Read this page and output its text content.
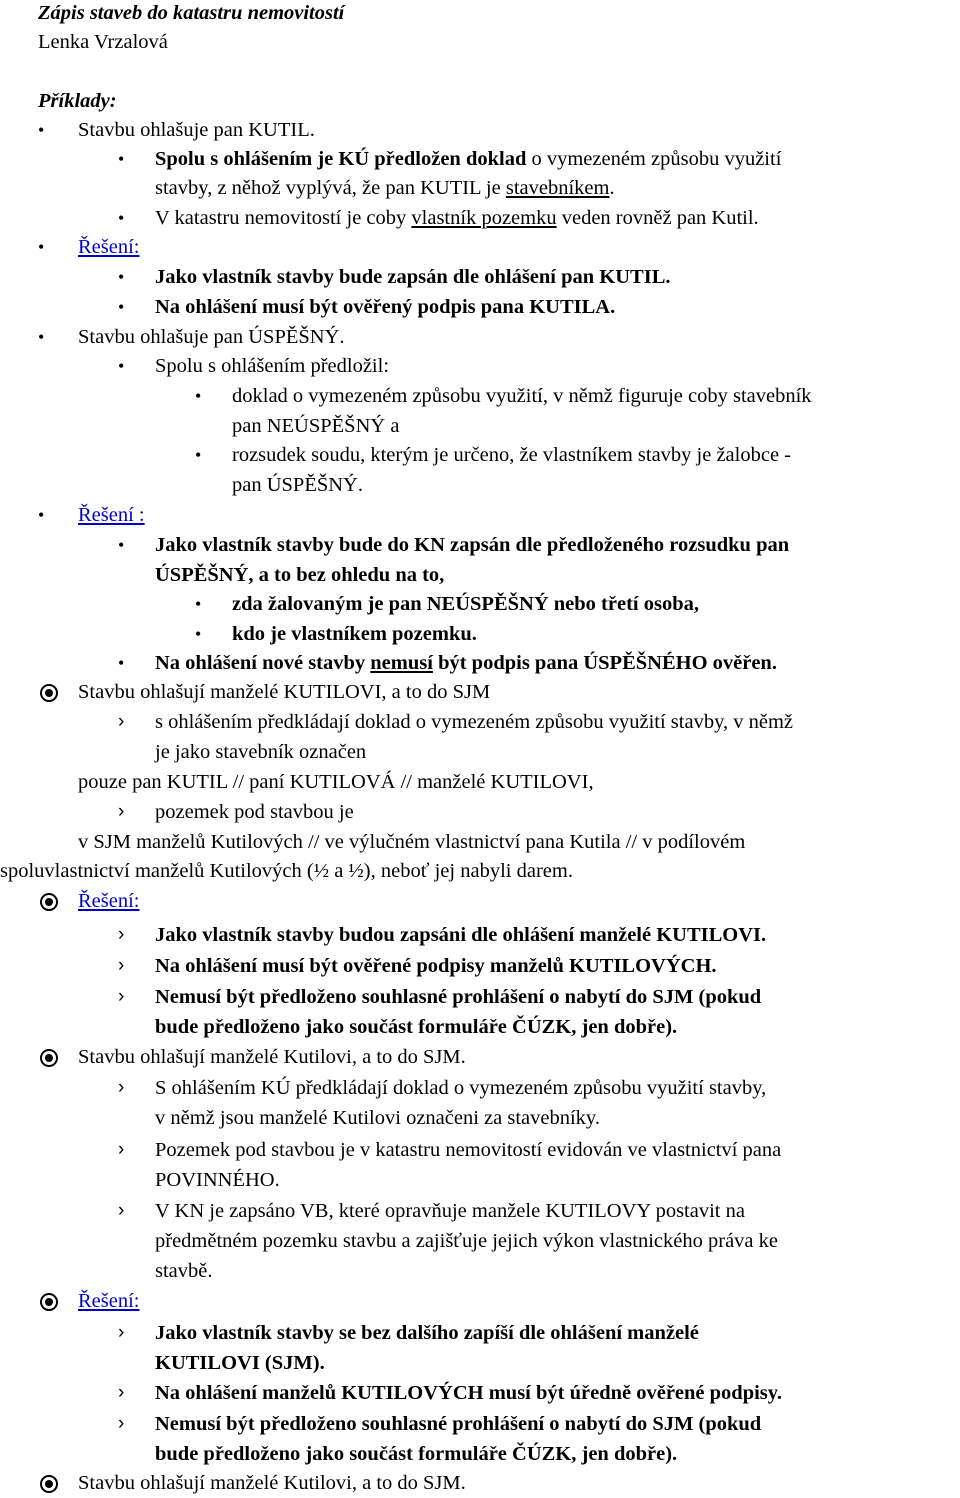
Zápis staveb do katastru nemovitostí
Lenka Vrzalová
Příklady:
• Stavbu ohlašuje pan KUTIL.
• Spolu s ohlášením je KÚ předložen doklad o vymezeném způsobu využití
stavby, z něhož vyplývá, že pan KUTIL je stavebníkem.
• V katastru nemovitostí je coby vlastník pozemku veden rovněž pan Kutil.
• Řešení:
• Jako vlastník stavby bude zapsán dle ohlášení pan KUTIL.
• Na ohlášení musí být ověřený podpis pana KUTILA.
• Stavbu ohlašuje pan ÚSPĚŠNÝ.
• Spolu s ohlášením předložil:
• doklad o vymezeném způsobu využití, v němž figuruje coby stavebník
pan NEÚSPĚŠNÝ a
• rozsudek soudu, kterým je určeno, že vlastníkem stavby je žalobce -
pan ÚSPĚŠNÝ.
• Řešení :
• Jako vlastník stavby bude do KN zapsán dle předloženého rozsudku pan
ÚSPĚŠNÝ, a to bez ohledu na to,
• zda žalovaným je pan NEÚSPĚŠNÝ nebo třetí osoba,
• kdo je vlastníkem pozemku.
• Na ohlášení nové stavby nemusí být podpis pana ÚSPĚŠNÉHO ověřen.
Stavbu ohlašují manželé KUTILOVI, a to do SJM
› s ohlášením předkládají doklad o vymezeném způsobu využití stavby, v němž
je jako stavebník označen
pouze pan KUTIL // paní KUTILOVÁ // manželé KUTILOVI,
› pozemek pod stavbou je
v SJM manželů Kutilových // ve výlučném vlastnictví pana Kutila // v podílovém
spoluvlastnictví manželů Kutilových (½ a ½), neboť jej nabyli darem.
Řešení:
› Jako vlastník stavby budou zapsáni dle ohlášení manželé KUTILOVI.
› Na ohlášení musí být ověřené podpisy manželů KUTILOVÝCH.
› Nemusí být předloženo souhlasné prohlášení o nabytí do SJM (pokud
bude předloženo jako součást formuláře ČÚZK, jen dobře).
Stavbu ohlašují manželé Kutilovi, a to do SJM.
› S ohlášením KÚ předkládají doklad o vymezeném způsobu využití stavby,
v němž jsou manželé Kutilovi označeni za stavebníky.
› Pozemek pod stavbou je v katastru nemovitostí evidován ve vlastnictví pana
POVINNÉHO.
› V KN je zapsáno VB, které opravňuje manžele KUTILOVY postavit na
předmětném pozemku stavbu a zajišťuje jejich výkon vlastnického práva ke
stavbě.
Řešení:
› Jako vlastník stavby se bez dalšího zapíší dle ohlášení manželé
KUTILOVI (SJM).
› Na ohlášení manželů KUTILOVÝCH musí být úředně ověřené podpisy.
› Nemusí být předloženo souhlasné prohlášení o nabytí do SJM (pokud
bude předloženo jako součást formuláře ČÚZK, jen dobře).
Stavbu ohlašují manželé Kutilovi, a to do SJM.
